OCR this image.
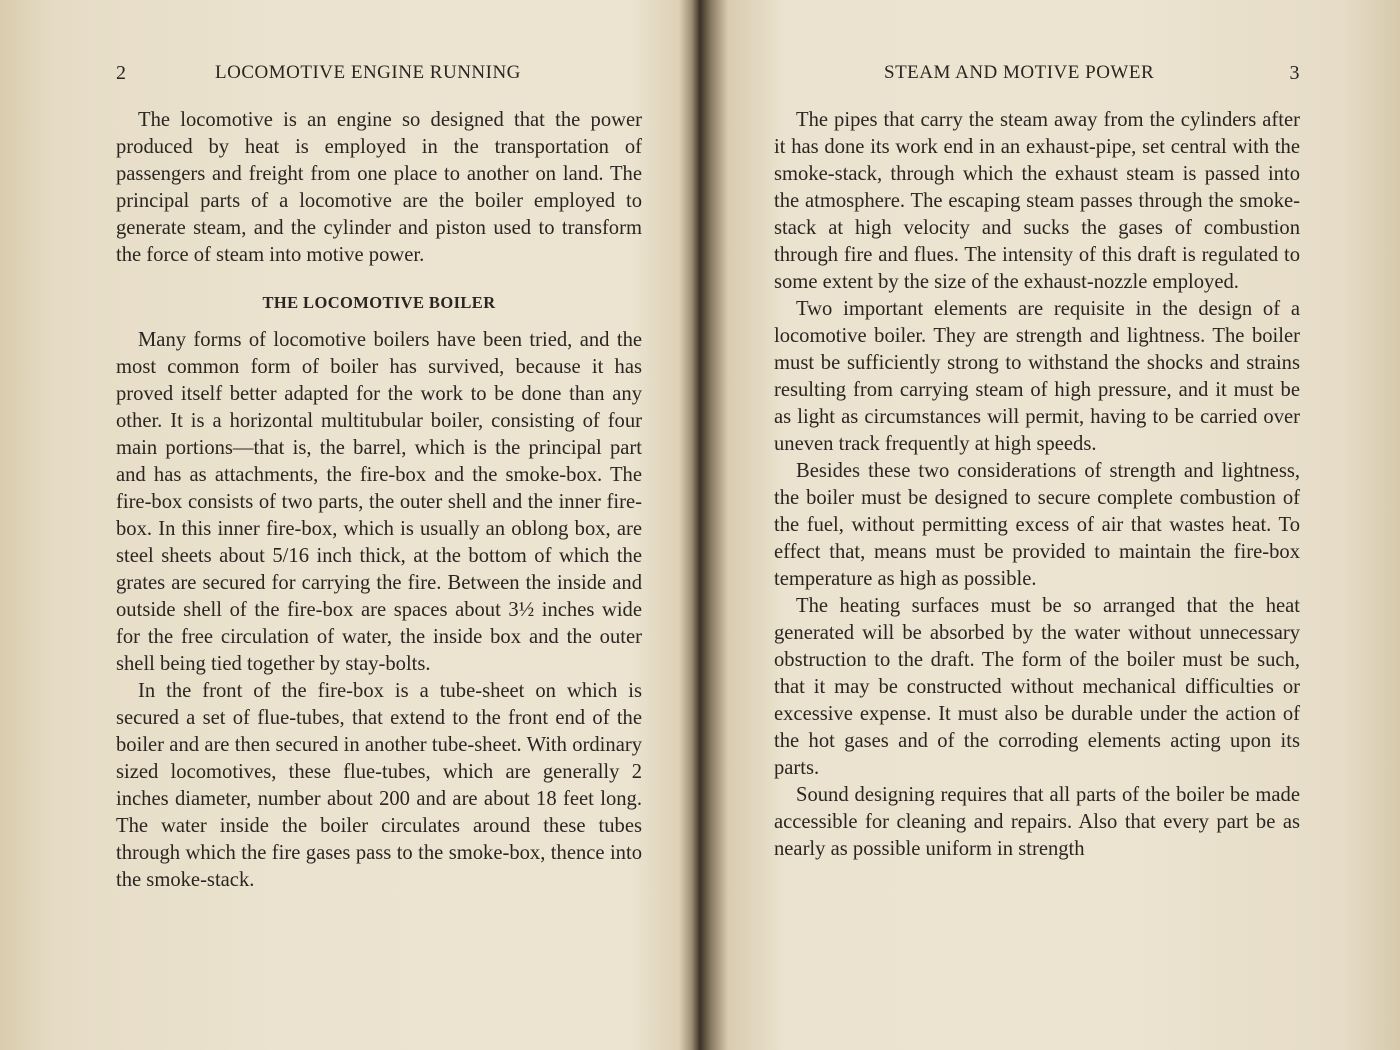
2	LOCOMOTIVE ENGINE RUNNING

The locomotive is an engine so designed that the power produced by heat is employed in the transportation of passengers and freight from one place to another on land. The principal parts of a locomotive are the boiler employed to generate steam, and the cylinder and piston used to transform the force of steam into motive power.

THE LOCOMOTIVE BOILER

Many forms of locomotive boilers have been tried, and the most common form of boiler has survived, because it has proved itself better adapted for the work to be done than any other. It is a horizontal multitubular boiler, consisting of four main portions—that is, the barrel, which is the principal part and has as attachments, the fire-box and the smoke-box. The fire-box consists of two parts, the outer shell and the inner fire-box. In this inner fire-box, which is usually an oblong box, are steel sheets about 5/16 inch thick, at the bottom of which the grates are secured for carrying the fire. Between the inside and outside shell of the fire-box are spaces about 3½ inches wide for the free circulation of water, the inside box and the outer shell being tied together by stay-bolts.

In the front of the fire-box is a tube-sheet on which is secured a set of flue-tubes, that extend to the front end of the boiler and are then secured in another tube-sheet. With ordinary sized locomotives, these flue-tubes, which are generally 2 inches diameter, number about 200 and are about 18 feet long. The water inside the boiler circulates around these tubes through which the fire gases pass to the smoke-box, thence into the smoke-stack.

STEAM AND MOTIVE POWER	3

The pipes that carry the steam away from the cylinders after it has done its work end in an exhaust-pipe, set central with the smoke-stack, through which the exhaust steam is passed into the atmosphere. The escaping steam passes through the smoke-stack at high velocity and sucks the gases of combustion through fire and flues. The intensity of this draft is regulated to some extent by the size of the exhaust-nozzle employed.

Two important elements are requisite in the design of a locomotive boiler. They are strength and lightness. The boiler must be sufficiently strong to withstand the shocks and strains resulting from carrying steam of high pressure, and it must be as light as circumstances will permit, having to be carried over uneven track frequently at high speeds.

Besides these two considerations of strength and lightness, the boiler must be designed to secure complete combustion of the fuel, without permitting excess of air that wastes heat. To effect that, means must be provided to maintain the fire-box temperature as high as possible.

The heating surfaces must be so arranged that the heat generated will be absorbed by the water without unnecessary obstruction to the draft. The form of the boiler must be such, that it may be constructed without mechanical difficulties or excessive expense. It must also be durable under the action of the hot gases and of the corroding elements acting upon its parts.

Sound designing requires that all parts of the boiler be made accessible for cleaning and repairs. Also that every part be as nearly as possible uniform in strength
